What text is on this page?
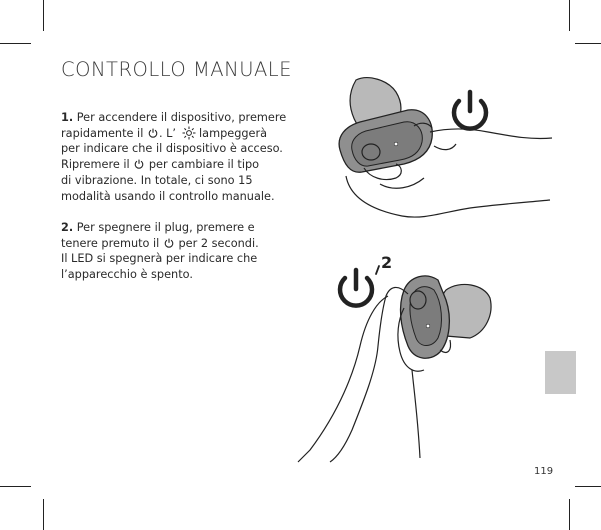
CONTROLLO MANUALE
1. Per accendere il dispositivo, premere
rapidamente il . L’ lampeggerà
per indicare che il dispositivo è acceso.
Ripremere il per cambiare il tipo
di vibrazione. In totale, ci sono 15
modalità usando il controllo manuale.
2. Per spegnere il plug, premere e
tenere premuto il per 2 secondi.
Il LED si spegnerà per indicare che
l’apparecchio è spento.
2
119
